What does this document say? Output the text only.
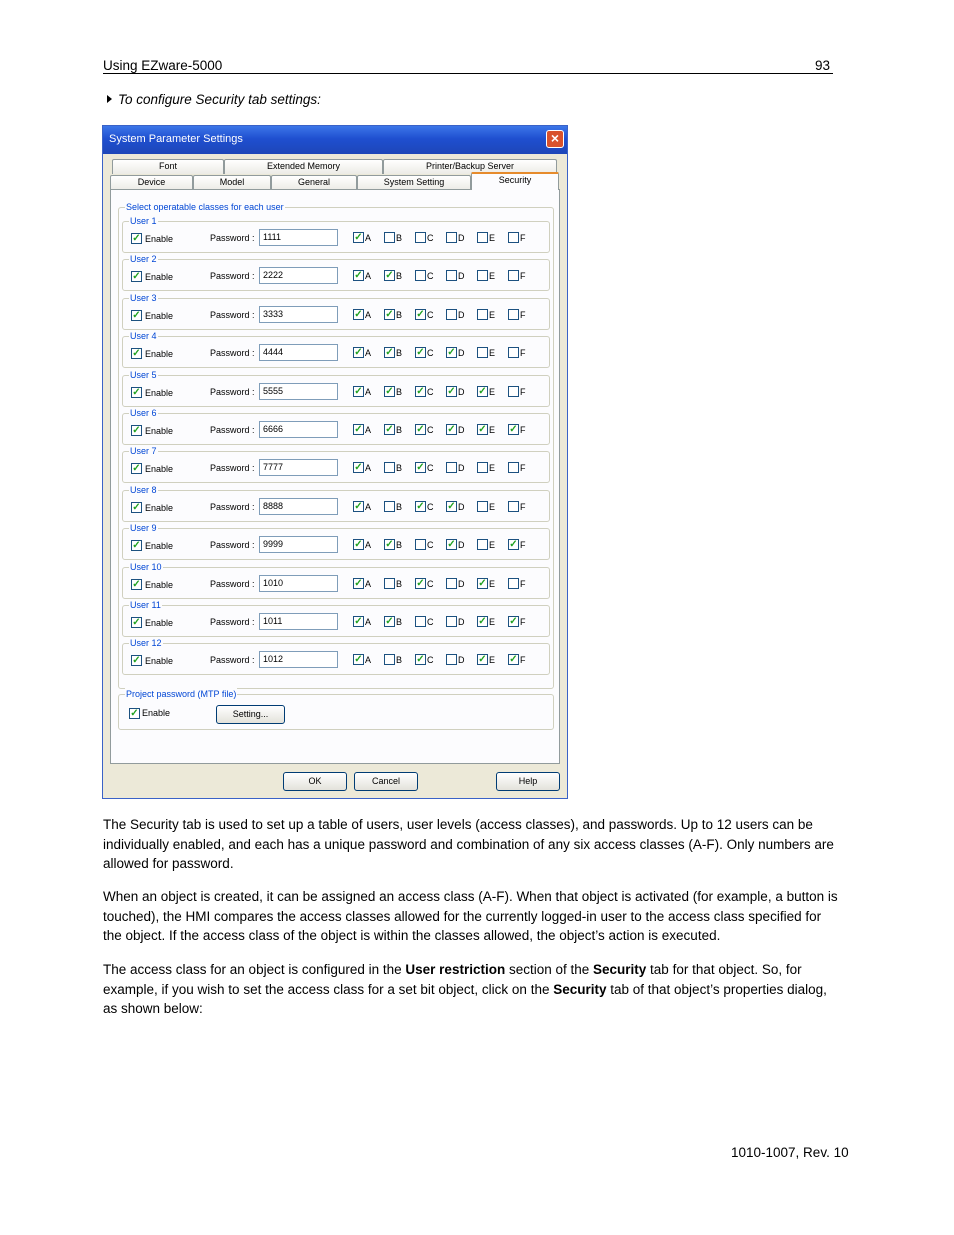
Using EZware-5000	93
To configure Security tab settings:
System Parameter Settings	×
Font	Extended Memory	Printer/Backup Server
Device	Model	General	System Setting	Security
Select operatable classes for each user
User 1
✓ Enable	Password : 1111	✓ A	B	C	D	E	F
User 2
✓ Enable	Password : 2222	✓ A ✓ B	C	D	E	F
User 3
✓ Enable	Password : 3333	✓ A ✓ B ✓ C	D	E	F
User 4
✓ Enable	Password : 4444	✓ A ✓ B ✓ C ✓ D	E	F
User 5
✓ Enable	Password : 5555	✓ A ✓ B ✓ C ✓ D ✓ E	F
User 6
✓ Enable	Password : 6666	✓ A ✓ B ✓ C ✓ D ✓ E ✓ F
User 7
✓ Enable	Password : 7777	✓ A	B ✓ C	D	E	F
User 8
✓ Enable	Password : 8888	✓ A	B ✓ C ✓ D	E	F
User 9
✓ Enable	Password : 9999	✓ A ✓ B	C ✓ D	E ✓ F
User 10
✓ Enable	Password : 1010	✓ A	B ✓ C	D ✓ E	F
User 11
✓ Enable	Password : 1011	✓ A ✓ B	C	D ✓ E ✓ F
User 12
✓ Enable	Password : 1012	✓ A	B ✓ C	D ✓ E ✓ F
Project password (MTP file)
✓ Enable	Setting...
OK	Cancel	Help
The Security tab is used to set up a table of users, user levels (access classes), and passwords. Up to 12 users can be individually enabled, and each has a unique password and combination of any six access classes (A-F). Only numbers are allowed for password.
When an object is created, it can be assigned an access class (A-F). When that object is activated (for example, a button is touched), the HMI compares the access classes allowed for the currently logged-in user to the access class specified for the object. If the access class of the object is within the classes allowed, the object’s action is executed.
The access class for an object is configured in the User restriction section of the Security tab for that object. So, for example, if you wish to set the access class for a set bit object, click on the Security tab of that object’s properties dialog, as shown below:
1010-1007, Rev. 10
